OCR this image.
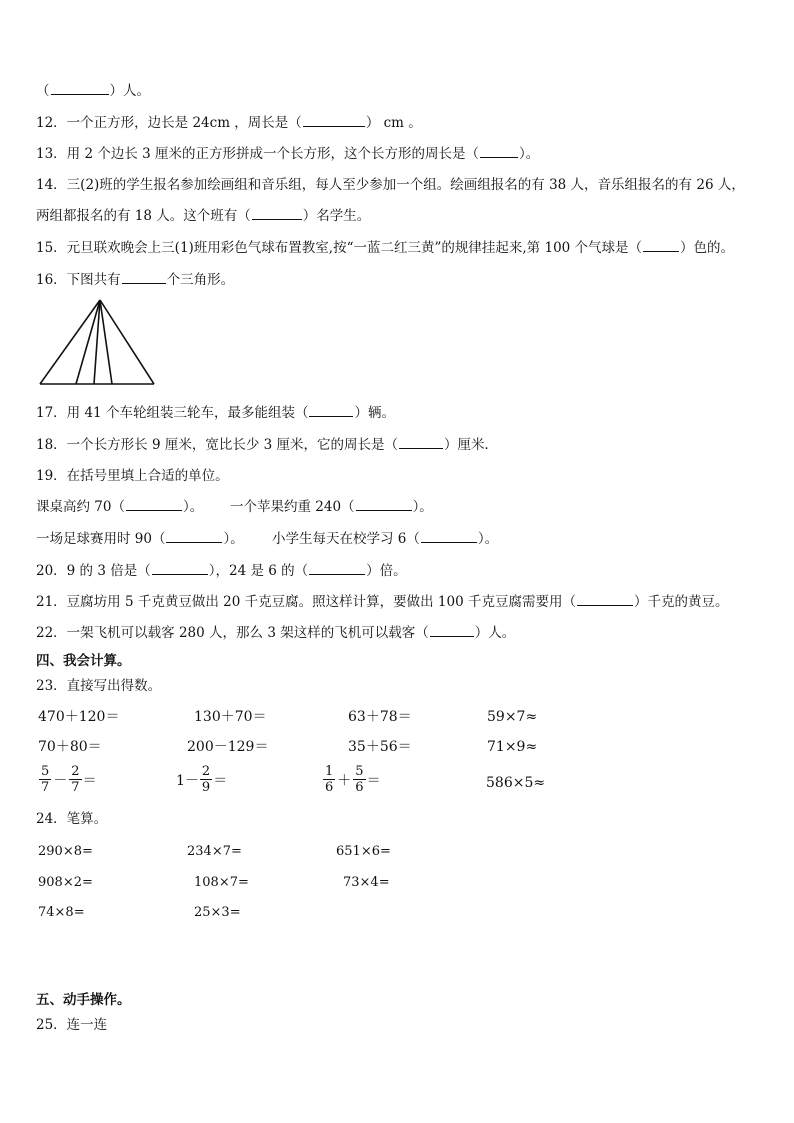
（	）人。
12．一个正方形，边长是 24cm ，周长是（	） cm 。
13．用 2 个边长 3 厘米的正方形拼成一个长方形，这个长方形的周长是（	）。
14．三(2)班的学生报名参加绘画组和音乐组，每人至少参加一个组。绘画组报名的有 38 人，音乐组报名的有 26 人，
两组都报名的有 18 人。这个班有（	）名学生。
15．元旦联欢晚会上三(1)班用彩色气球布置教室,按“一蓝二红三黄”的规律挂起来,第 100 个气球是（	）色的。
16．下图共有	个三角形。
17．用 41 个车轮组装三轮车，最多能组装（	）辆。
18．一个长方形长 9 厘米，宽比长少 3 厘米，它的周长是（	）厘米．
19．在括号里填上合适的单位。
课桌高约 70（	）。 一个苹果约重 240（	）。
一场足球赛用时 90（	）。 小学生每天在校学习 6（	）。
20．9 的 3 倍是（	），24 是 6 的（	）倍。
21．豆腐坊用 5 千克黄豆做出 20 千克豆腐。照这样计算，要做出 100 千克豆腐需要用（	）千克的黄豆。
22．一架飞机可以载客 280 人，那么 3 架这样的飞机可以载客（	）人。
四、我会计算。
23．直接写出得数。
470＋120＝	130＋70＝	63＋78＝	59×7≈
70＋80＝	200－129＝	35＋56＝	71×9≈
$\frac{5}{7} - \frac{2}{7}$ ＝	$1- \frac{2}{9}$ ＝	$\frac{1}{6} + \frac{5}{6}$ ＝	586×5≈
24．笔算。
290×8=	234×7=	651×6=
908×2=	108×7=	73×4=
74×8=	25×3=
五、动手操作。
25．连一连
